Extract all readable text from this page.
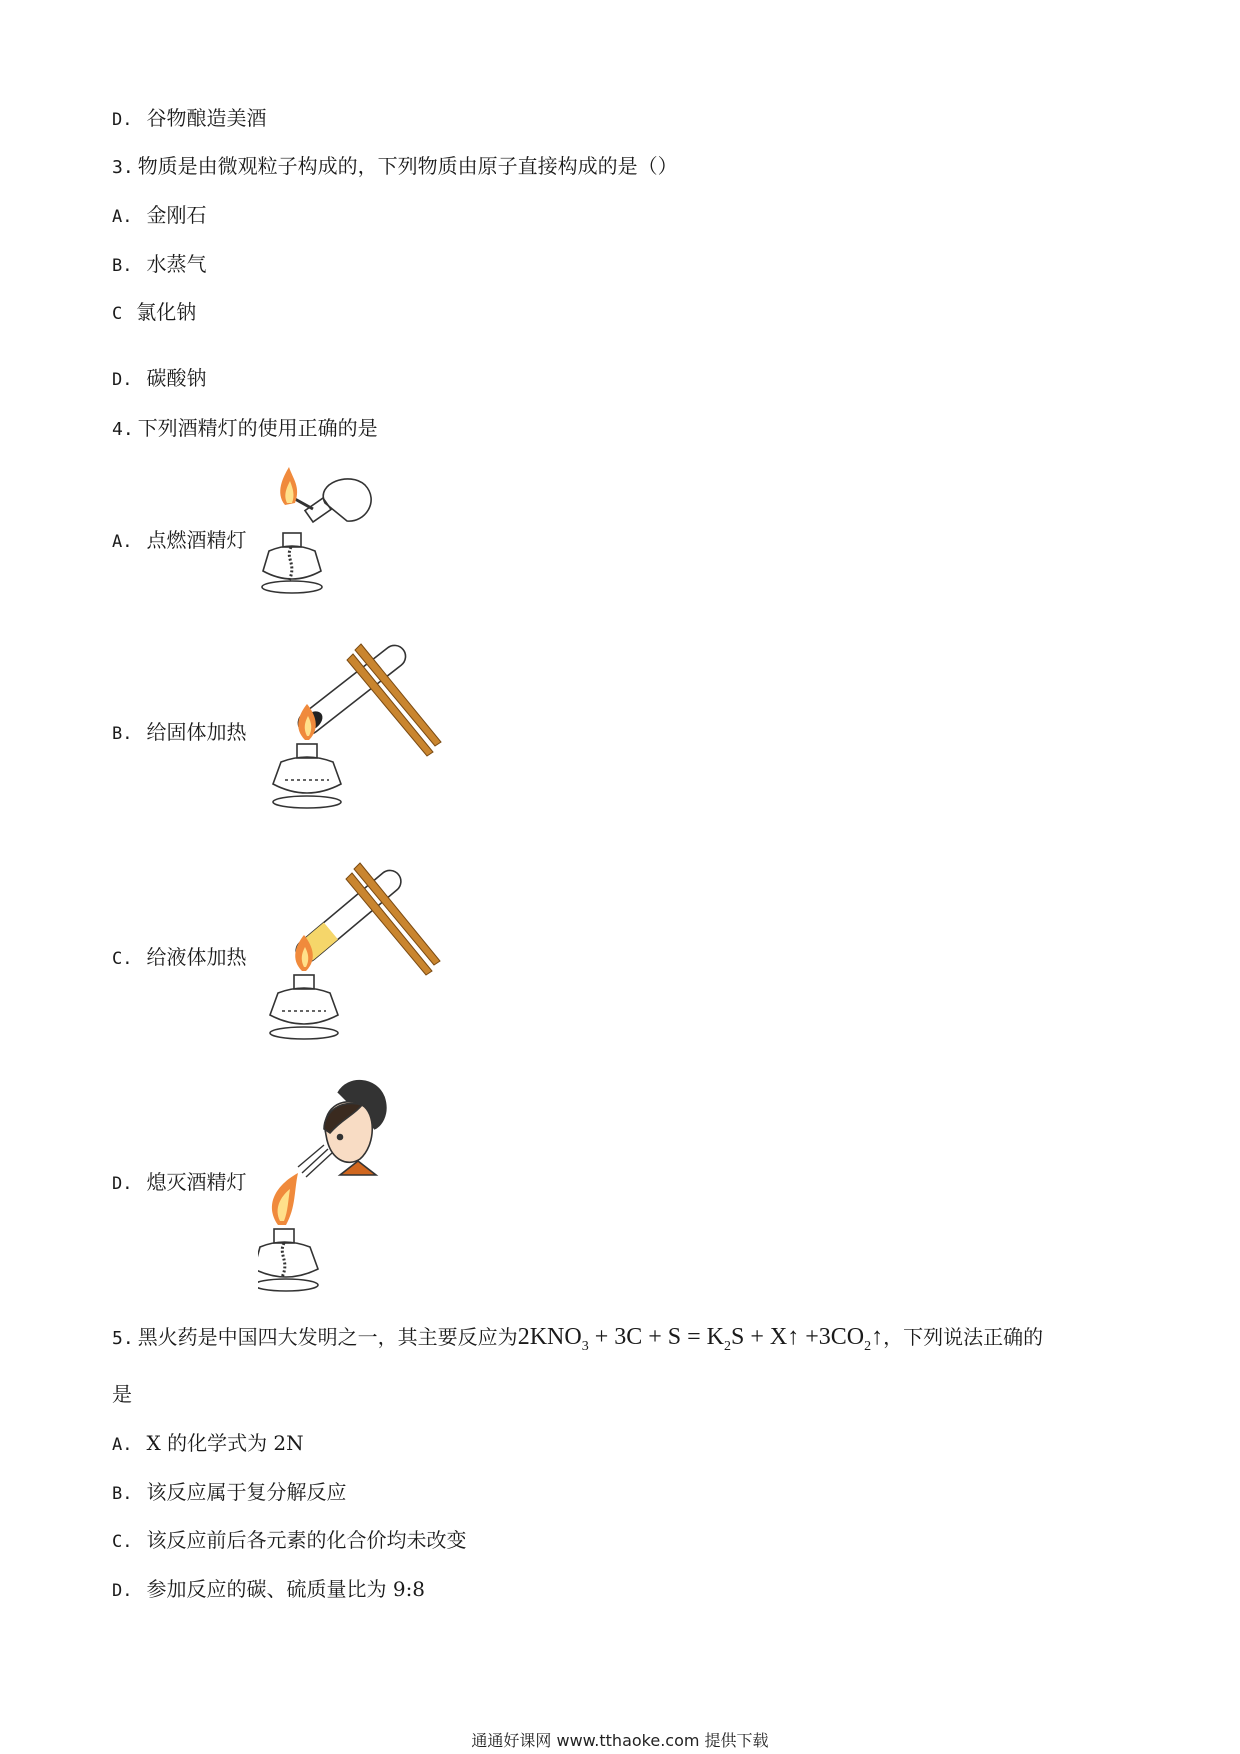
D. 谷物酿造美酒
3. 物质是由微观粒子构成的，下列物质由原子直接构成的是（）
A. 金刚石
B. 水蒸气
C 氯化钠
D. 碳酸钠
4. 下列酒精灯的使用正确的是
A. 点燃酒精灯
B. 给固体加热
C. 给液体加热
D. 熄灭酒精灯
5. 黑火药是中国四大发明之一，其主要反应为$2KNO_3 + 3C + S = K_2S$ + X↑ $+3CO_2↑$，下列说法正确的
是
A. X 的化学式为 2N
B. 该反应属于复分解反应
C. 该反应前后各元素的化合价均未改变
D. 参加反应的碳、硫质量比为 9:8
通通好课网 www.tthaoke.com 提供下载
